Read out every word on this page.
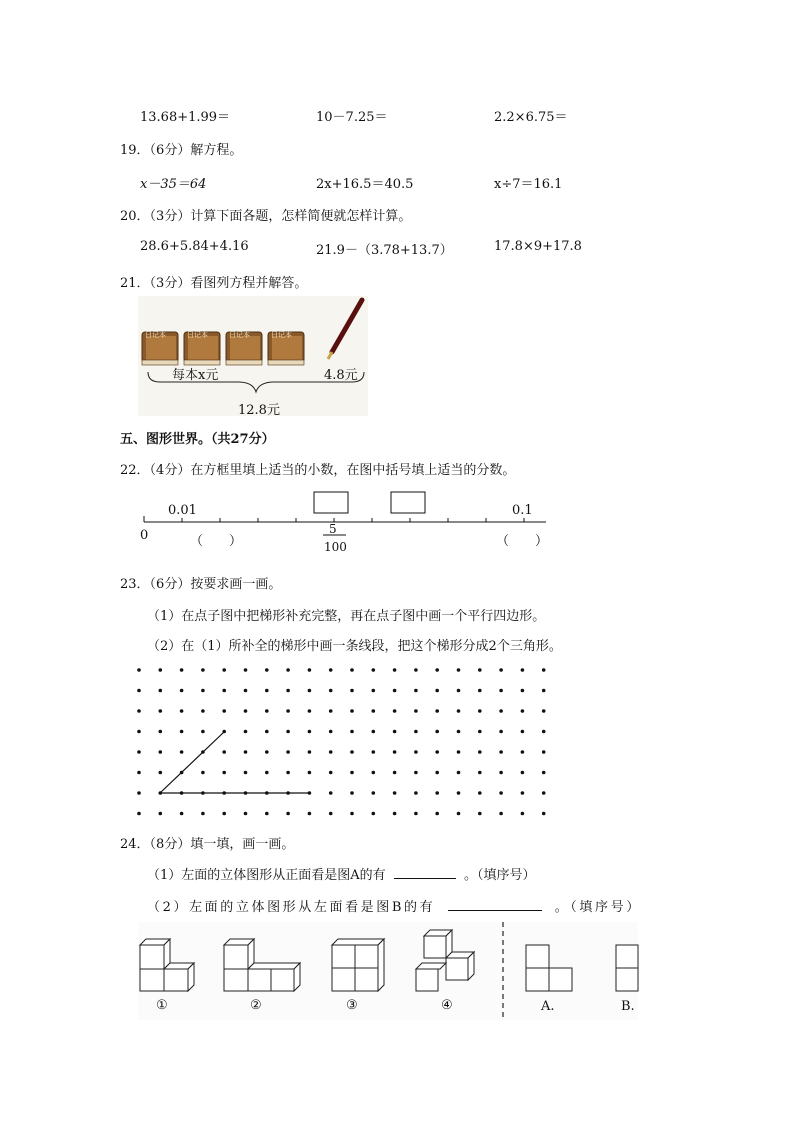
13.68+1.99＝	10－7.25＝	2.2×6.75＝
19．（6分）解方程。
x－35＝64	2x+16.5＝40.5	x÷7＝16.1
20．（3分）计算下面各题，怎样简便就怎样计算。
28.6+5.84+4.16	21.9－（3.78+13.7）	17.8×9+17.8
21．（3分）看图列方程并解答。
日记本	日记本	日记本	日记本
每本x元	4.8元
12.8元
五、图形世界。（共27分）
22．（4分）在方框里填上适当的小数，在图中括号填上适当的分数。
0.01	0.1
0	（　　）	（　　）
5
100
23．（6分）按要求画一画。
（1）在点子图中把梯形补充完整，再在点子图中画一个平行四边形。
（2）在（1）所补全的梯形中画一条线段，把这个梯形分成2个三角形。
24．（8分）填一填，画一画。
（1）左面的立体图形从正面看是图A的有	。（填序号）
（2）左面的立体图形从左面看是图B的有	。（填序号）
①	②	③	④	A.	B.
